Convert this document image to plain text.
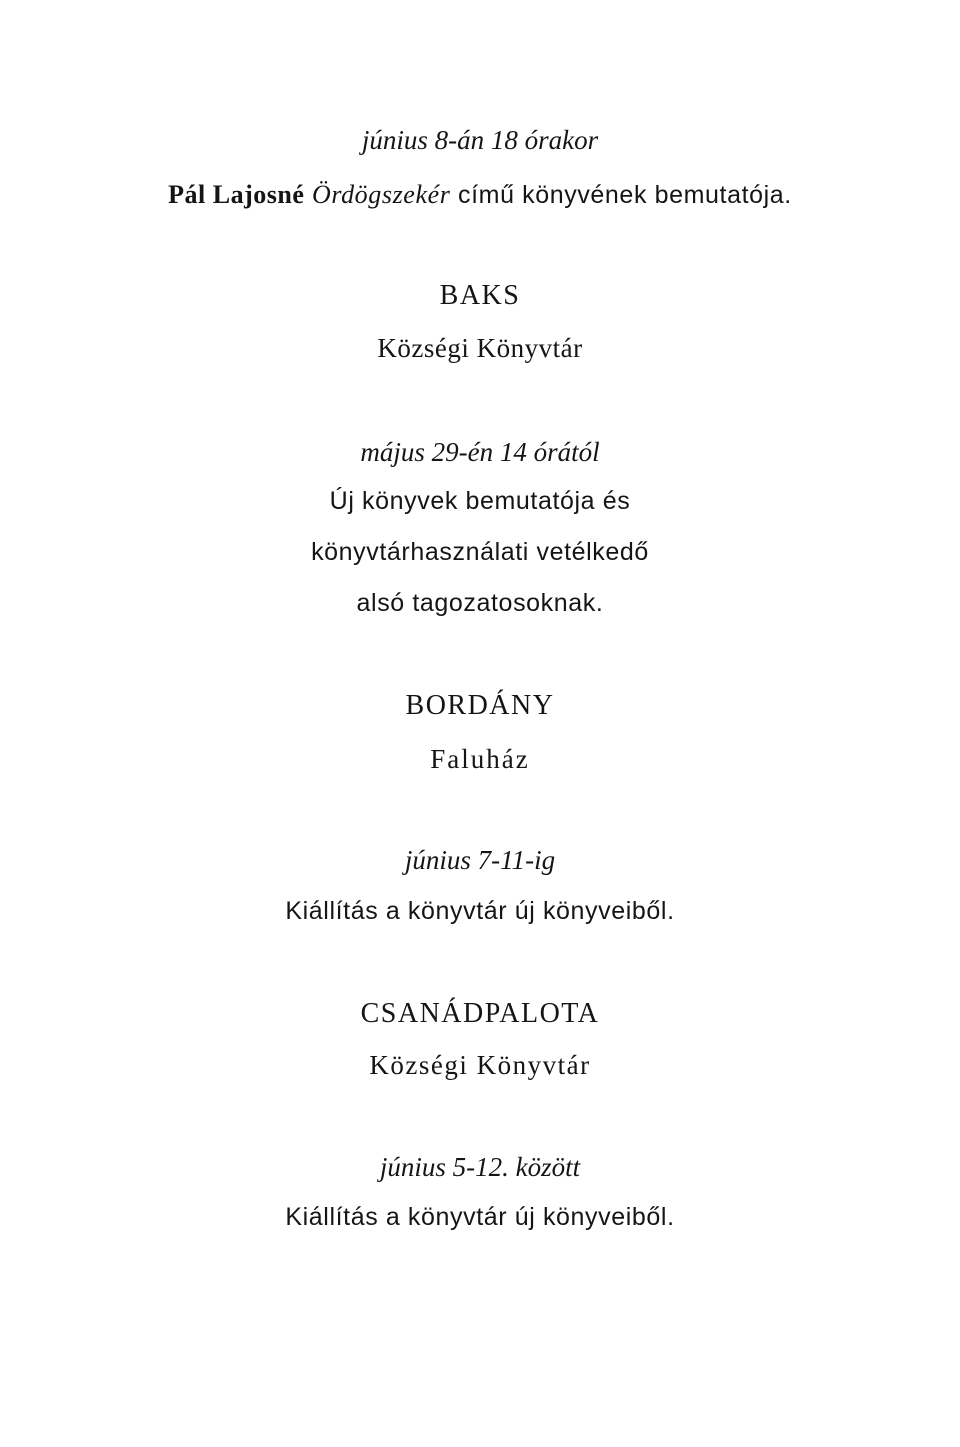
június 8-án 18 órakor
Pál Lajosné Ördögszekér című könyvének bemutatója.
BAKS
Községi Könyvtár
május 29-én 14 órától
Új könyvek bemutatója és
könyvtárhasználati vetélkedő
alsó tagozatosoknak.
BORDÁNY
Faluház
június 7-11-ig
Kiállítás a könyvtár új könyveiből.
CSANÁDPALOTA
Községi Könyvtár
június 5-12. között
Kiállítás a könyvtár új könyveiből.
